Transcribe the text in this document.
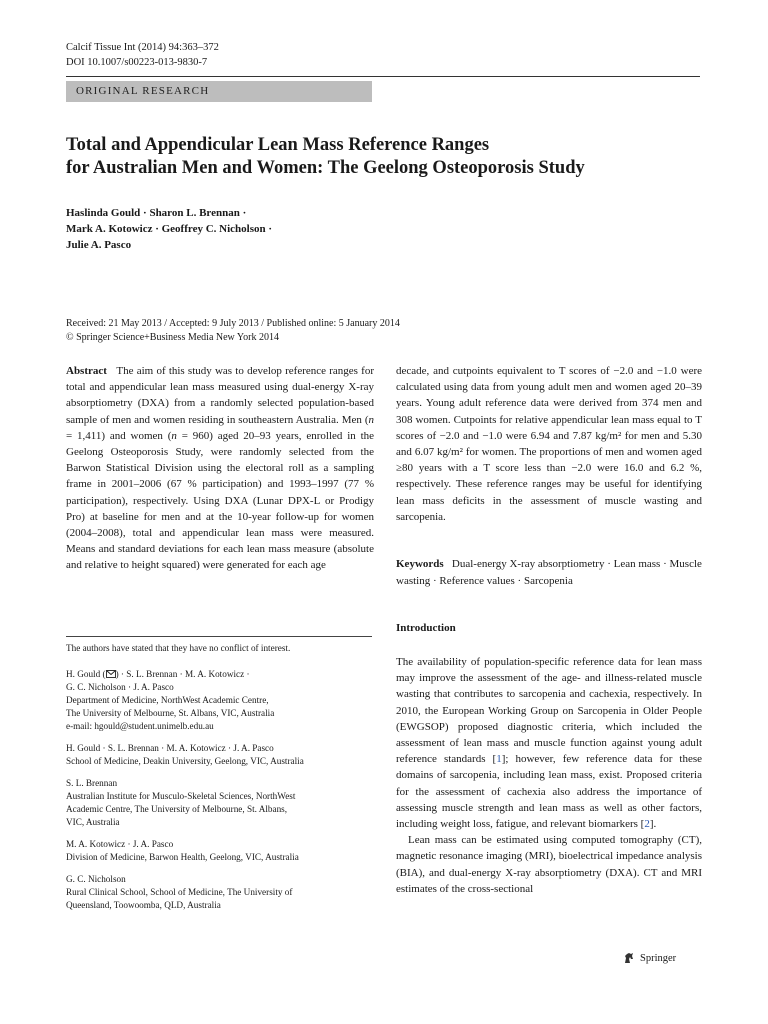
Calcif Tissue Int (2014) 94:363–372
DOI 10.1007/s00223-013-9830-7
ORIGINAL RESEARCH
Total and Appendicular Lean Mass Reference Ranges
for Australian Men and Women: The Geelong Osteoporosis Study
Haslinda Gould · Sharon L. Brennan ·
Mark A. Kotowicz · Geoffrey C. Nicholson ·
Julie A. Pasco
Received: 21 May 2013 / Accepted: 9 July 2013 / Published online: 5 January 2014
© Springer Science+Business Media New York 2014
Abstract The aim of this study was to develop reference ranges for total and appendicular lean mass measured using dual-energy X-ray absorptiometry (DXA) from a randomly selected population-based sample of men and women residing in southeastern Australia. Men (n = 1,411) and women (n = 960) aged 20–93 years, enrolled in the Geelong Osteoporosis Study, were randomly selected from the Barwon Statistical Division using the electoral roll as a sampling frame in 2001–2006 (67 % participation) and 1993–1997 (77 % participation), respectively. Using DXA (Lunar DPX-L or Prodigy Pro) at baseline for men and at the 10-year follow-up for women (2004–2008), total and appendicular lean mass were measured. Means and standard deviations for each lean mass measure (absolute and relative to height squared) were generated for each age
decade, and cutpoints equivalent to T scores of −2.0 and −1.0 were calculated using data from young adult men and women aged 20–39 years. Young adult reference data were derived from 374 men and 308 women. Cutpoints for relative appendicular lean mass equal to T scores of −2.0 and −1.0 were 6.94 and 7.87 kg/m² for men and 5.30 and 6.07 kg/m² for women. The proportions of men and women aged ≥80 years with a T score less than −2.0 were 16.0 and 6.2 %, respectively. These reference ranges may be useful for identifying lean mass deficits in the assessment of muscle wasting and sarcopenia.
Keywords Dual-energy X-ray absorptiometry · Lean mass · Muscle wasting · Reference values · Sarcopenia
Introduction

The availability of population-specific reference data for lean mass may improve the assessment of the age- and illness-related muscle wasting that contributes to sarcopenia and cachexia, respectively. In 2010, the European Working Group on Sarcopenia in Older People (EWGSOP) proposed diagnostic criteria, which included the assessment of lean mass and muscle function against young adult reference standards [1]; however, few reference data for these domains of sarcopenia, including lean mass, exist. Proposed criteria for the assessment of cachexia also address the importance of assessing muscle strength and lean mass as well as other factors, including weight loss, fatigue, and relevant biomarkers [2].

Lean mass can be estimated using computed tomography (CT), magnetic resonance imaging (MRI), bioelectrical impedance analysis (BIA), and dual-energy X-ray absorptiometry (DXA). CT and MRI estimates of the cross-sectional

The authors have stated that they have no conflict of interest.
H. Gould ( ) · S. L. Brennan · M. A. Kotowicz ·
G. C. Nicholson · J. A. Pasco
Department of Medicine, NorthWest Academic Centre,
The University of Melbourne, St. Albans, VIC, Australia
e-mail: hgould@student.unimelb.edu.au
H. Gould · S. L. Brennan · M. A. Kotowicz · J. A. Pasco
School of Medicine, Deakin University, Geelong, VIC, Australia
S. L. Brennan
Australian Institute for Musculo-Skeletal Sciences, NorthWest
Academic Centre, The University of Melbourne, St. Albans,
VIC, Australia
M. A. Kotowicz · J. A. Pasco
Division of Medicine, Barwon Health, Geelong, VIC, Australia
G. C. Nicholson
Rural Clinical School, School of Medicine, The University of
Queensland, Toowoomba, QLD, Australia
Springer
